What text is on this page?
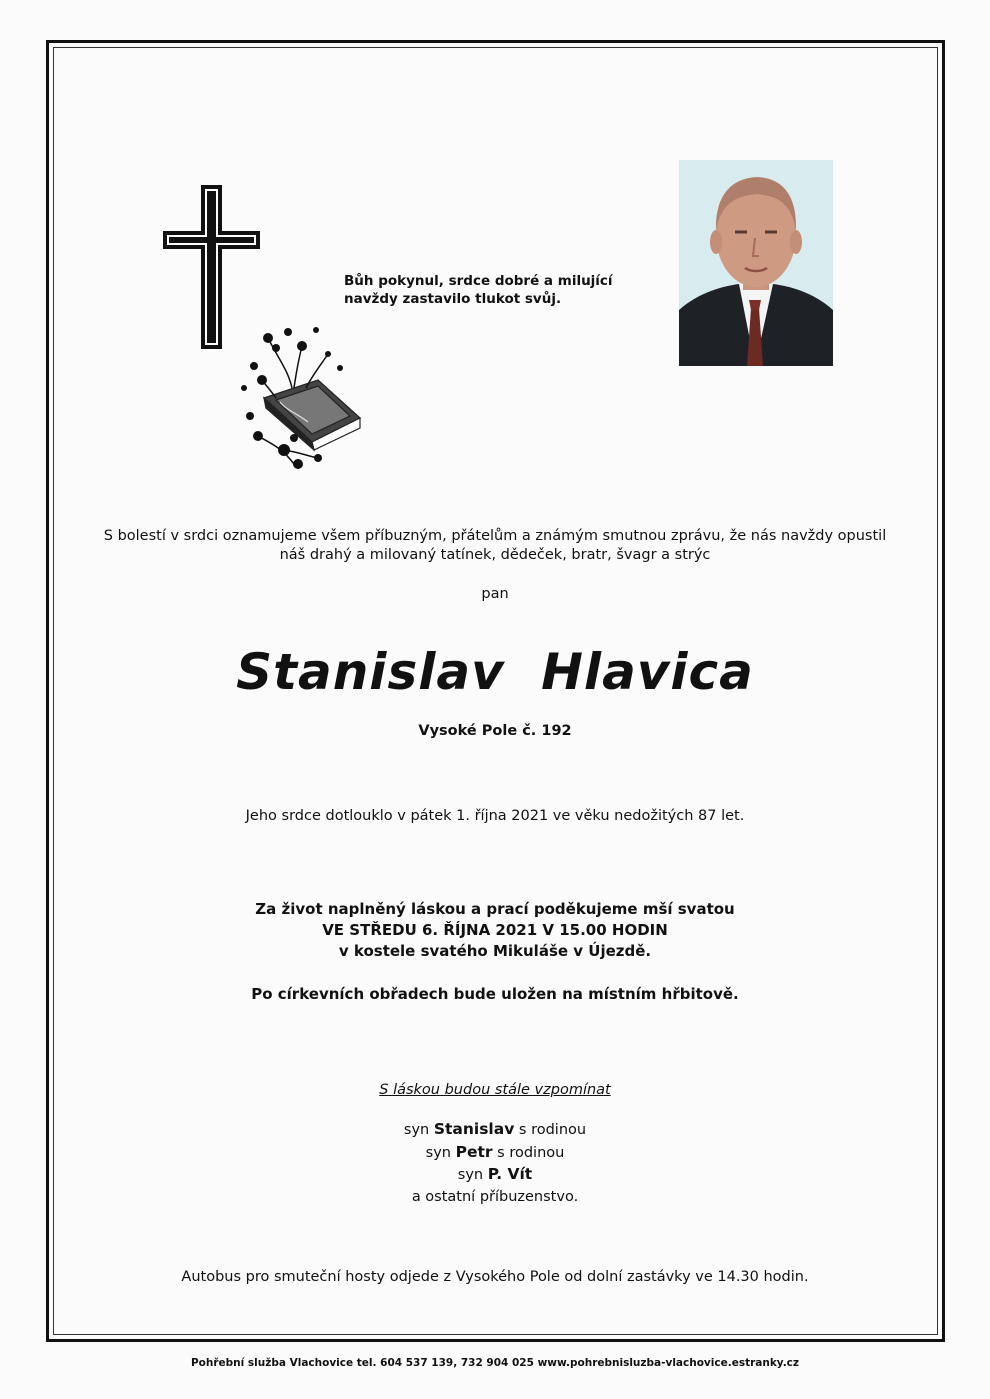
Bůh pokynul, srdce dobré a milující
navždy zastavilo tlukot svůj.
S bolestí v srdci oznamujeme všem příbuzným, přátelům a známým smutnou zprávu, že nás navždy opustil
náš drahý a milovaný tatínek, dědeček, bratr, švagr a strýc
pan
Stanislav Hlavica
Vysoké Pole č. 192
Jeho srdce dotlouklo v pátek 1. října 2021 ve věku nedožitých 87 let.
Za život naplněný láskou a prací poděkujeme mší svatou
VE STŘEDU 6. ŘÍJNA 2021 V 15.00 HODIN
v kostele svatého Mikuláše v Újezdě.
Po církevních obřadech bude uložen na místním hřbitově.
S láskou budou stále vzpomínat
syn Stanislav s rodinou
syn Petr s rodinou
syn P. Vít
a ostatní příbuzenstvo.
Autobus pro smuteční hosty odjede z Vysokého Pole od dolní zastávky ve 14.30 hodin.
Pohřební služba Vlachovice tel. 604 537 139, 732 904 025 www.pohrebnisluzba-vlachovice.estranky.cz
